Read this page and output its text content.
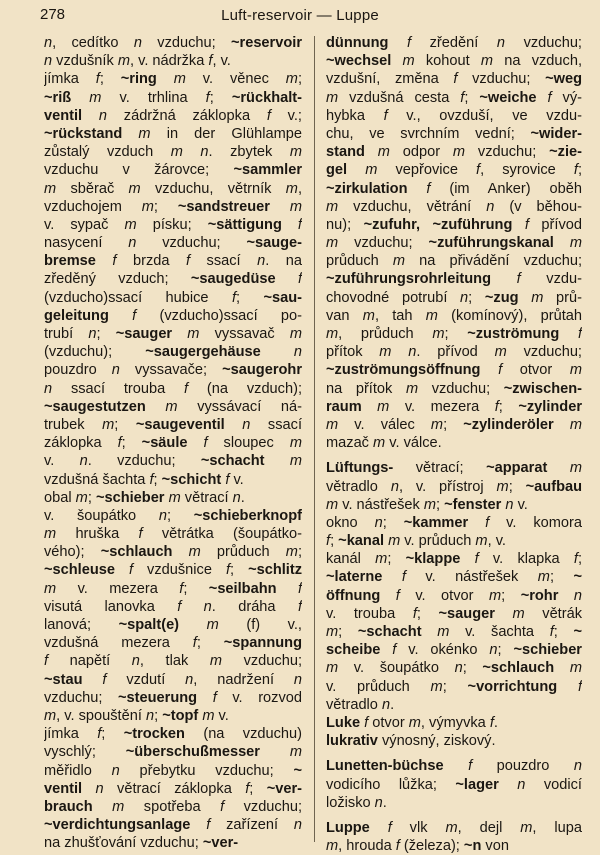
278	Luft-reservoir — Luppe
n, cedítko n vzduchu; ~reservoir
n vzdušník m, v. nádržka f, v.
jímka f; ~ring m v. věnec m;
~riß m v. trhlina f; ~rückhalt-
ventil n zádržná záklopka f v.;
~rückstand m in der Glühlampe
zůstalý vzduch m n. zbytek m
vzduchu v žárovce; ~sammler
m sběrač m vzduchu, větrník m,
vzduchojem m; ~sandstreuer m
v. sypač m písku; ~sättigung f
nasycení n vzduchu; ~sauge-
bremse f brzda f ssací n. na
zředěný vzduch; ~saugedüse f
(vzducho)ssací hubice f; ~sau-
geleitung f (vzducho)ssací po-
trubí n; ~sauger m vyssavač m
(vzduchu); ~saugergehäuse n
pouzdro n vyssavače; ~saugerohr
n ssací trouba f (na vzduch);
~saugestutzen m vyssávací ná-
trubek m; ~saugeventil n ssací
záklopka f; ~säule f sloupec m
v. n. vzduchu; ~schacht m
vzdušná šachta f; ~schicht f v.
obal m; ~schieber m větrací n.
v. šoupátko n; ~schieberknopf
m hruška f větrátka (šoupátko-
vého); ~schlauch m průduch m;
~schleuse f vzdušnice f; ~schlitz
m v. mezera f; ~seilbahn f
visutá lanovka f n. dráha f
lanová; ~spalt(e) m (f) v.,
vzdušná mezera f; ~spannung
f napětí n, tlak m vzduchu;
~stau f vzdutí n, nadržení n
vzduchu; ~steuerung f v. rozvod
m, v. spouštění n; ~topf m v.
jímka f; ~trocken (na vzduchu)
vyschlý; ~überschußmesser m
měřidlo n přebytku vzduchu; ~
ventil n větrací záklopka f; ~ver-
brauch m spotřeba f vzduchu;
~verdichtungsanlage f zařízení n
na zhušťování vzduchu; ~ver-
dünnung f zředění n vzduchu;
~wechsel m kohout m na vzduch,
vzdušní, změna f vzduchu; ~weg
m vzdušná cesta f; ~weiche f vý-
hybka f v., ovzduší, ve vzdu-
chu, ve svrchním vední; ~wider-
stand m odpor m vzduchu; ~zie-
gel m vepřovice f, syrovice f;
~zirkulation f (im Anker) oběh
m vzduchu, větrání n (v běhou-
nu); ~zufuhr, ~zuführung f přívod
m vzduchu; ~zuführungskanal m
průduch m na přivádění vzduchu;
~zuführungsrohrleitung f vzdu-
chovodné potrubí n; ~zug m prů-
van m, tah m (komínový), průtah
m, průduch m; ~zuströmung f
přítok m n. přívod m vzduchu;
~zuströmungsöffnung f otvor m
na přítok m vzduchu; ~zwischen-
raum m v. mezera f; ~zylinder
m v. válec m; ~zylinderöler m
mazač m v. válce.
Lüftungs- větrací; ~apparat m
větradlo n, v. přístroj m; ~aufbau
m v. nástřešek m; ~fenster n v.
okno n; ~kammer f v. komora
f; ~kanal m v. průduch m, v.
kanál m; ~klappe f v. klapka f;
~laterne f v. nástřešek m; ~
öffnung f v. otvor m; ~rohr n
v. trouba f; ~sauger m větrák
m; ~schacht m v. šachta f; ~
scheibe f v. okénko n; ~schieber
m v. šoupátko n; ~schlauch m
v. průduch m; ~vorrichtung f
větradlo n.
Luke f otvor m, výmyvka f.
lukrativ výnosný, ziskový.
Lunetten-büchse f pouzdro n
vodicího lůžka; ~lager n vodicí
ložisko n.
Luppe f vlk m, dejl m, lupa
m, hrouda f (železa); ~n von
